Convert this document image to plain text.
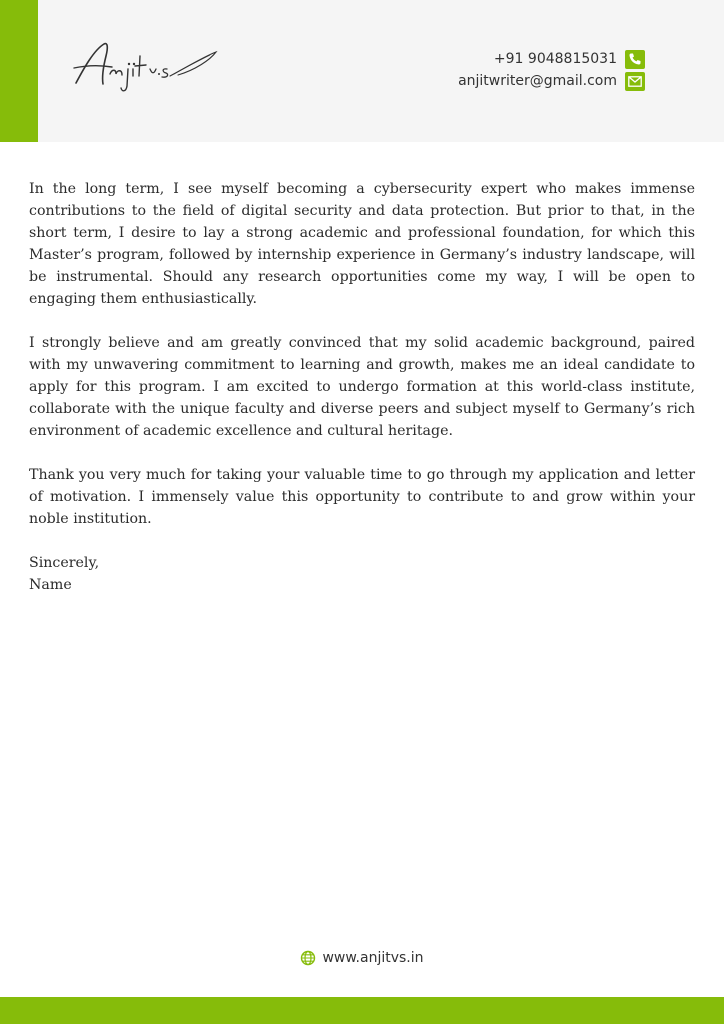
+91 9048815031
anjitwriter@gmail.com

In the long term, I see myself becoming a cybersecurity expert who makes immense contributions to the field of digital security and data protection. But prior to that, in the short term, I desire to lay a strong academic and professional foundation, for which this Master’s program, followed by internship experience in Germany’s industry landscape, will be instrumental. Should any research opportunities come my way, I will be open to engaging them enthusiastically.

I strongly believe and am greatly convinced that my solid academic background, paired with my unwavering commitment to learning and growth, makes me an ideal candidate to apply for this program. I am excited to undergo formation at this world-class institute, collaborate with the unique faculty and diverse peers and subject myself to Germany’s rich environment of academic excellence and cultural heritage.

Thank you very much for taking your valuable time to go through my application and letter of motivation. I immensely value this opportunity to contribute to and grow within your noble institution.

Sincerely,
Name
www.anjitvs.in
